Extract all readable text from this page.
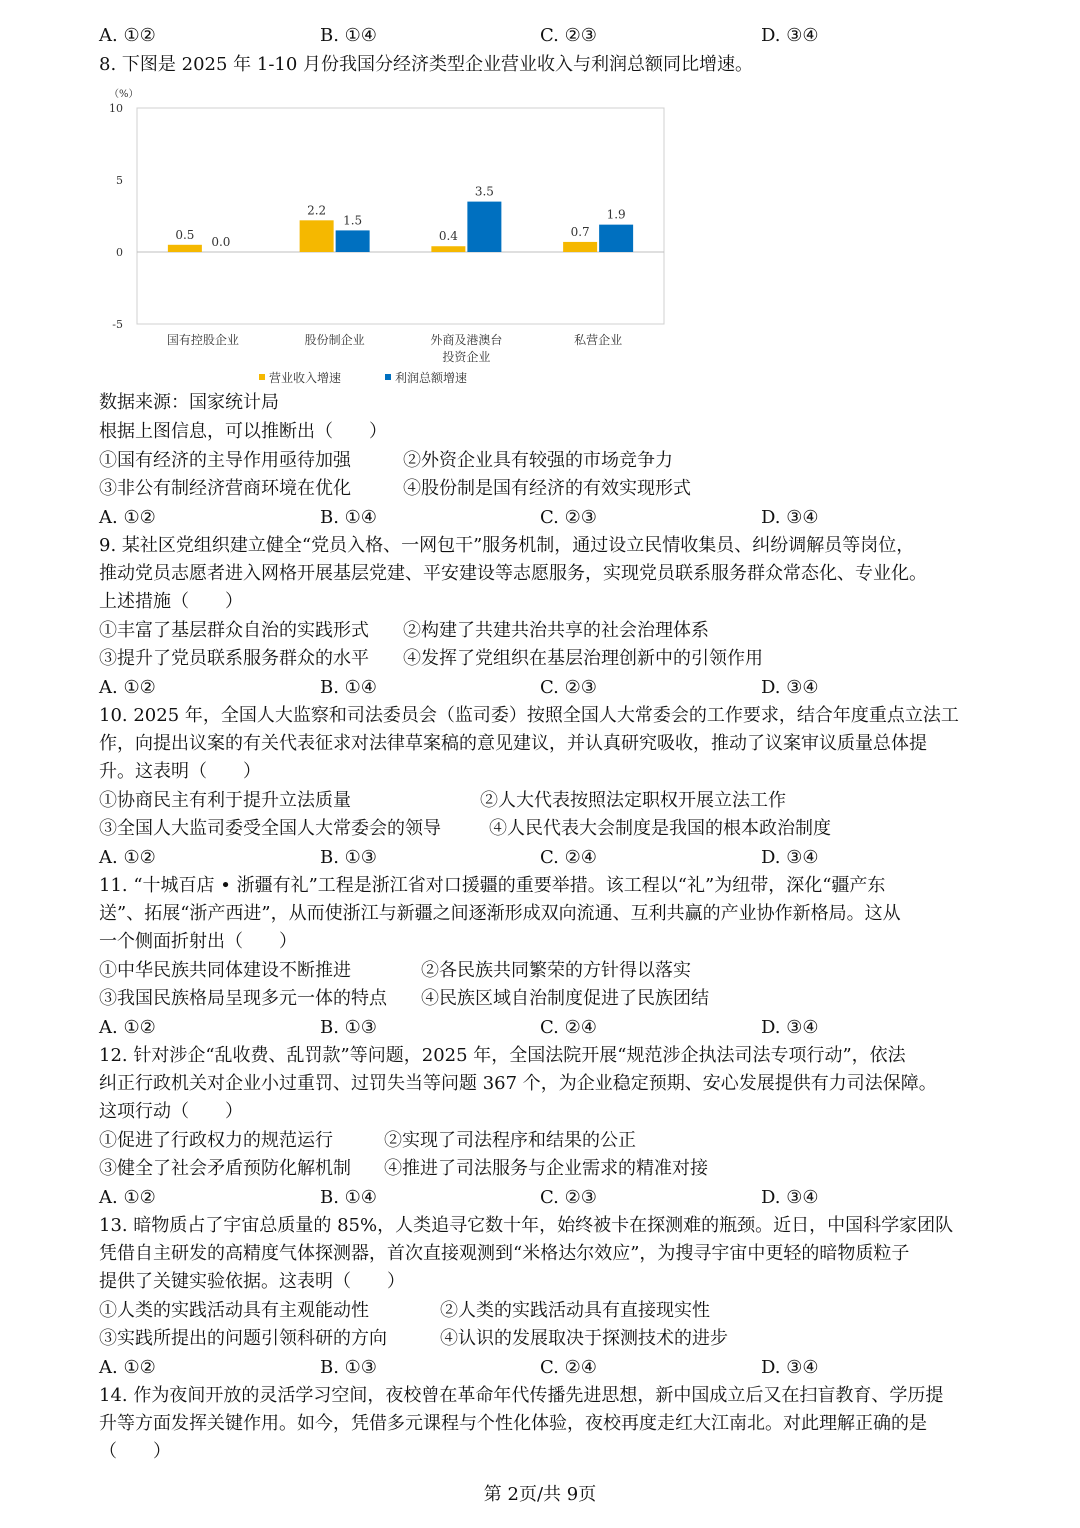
A. ①②	B. ①④	C. ②③	D. ③④
8. 下图是 2025 年 1-10 月份我国分经济类型企业营业收入与利润总额同比增速。
（%）
10
5
0
-5
0.5
0.0
国有控股企业
2.2
1.5
股份制企业
0.4
3.5
外商及港澳台
投资企业
0.7
1.9
私营企业
营业收入增速	利润总额增速
数据来源：国家统计局
根据上图信息，可以推断出（　　）
①国有经济的主导作用亟待加强	②外资企业具有较强的市场竞争力
③非公有制经济营商环境在优化	④股份制是国有经济的有效实现形式
A. ①②	B. ①④	C. ②③	D. ③④
9. 某社区党组织建立健全“党员入格、一网包干”服务机制，通过设立民情收集员、纠纷调解员等岗位，
推动党员志愿者进入网格开展基层党建、平安建设等志愿服务，实现党员联系服务群众常态化、专业化。
上述措施（　　）
①丰富了基层群众自治的实践形式 ②构建了共建共治共享的社会治理体系
③提升了党员联系服务群众的水平 ④发挥了党组织在基层治理创新中的引领作用
A. ①②	B. ①④	C. ②③	D. ③④
10. 2025 年，全国人大监察和司法委员会（监司委）按照全国人大常委会的工作要求，结合年度重点立法工
作，向提出议案的有关代表征求对法律草案稿的意见建议，并认真研究吸收，推动了议案审议质量总体提
升。这表明（　　）
①协商民主有利于提升立法质量	②人大代表按照法定职权开展立法工作
③全国人大监司委受全国人大常委会的领导	④人民代表大会制度是我国的根本政治制度
A. ①②	B. ①③	C. ②④	D. ③④
11. “十城百店 • 浙疆有礼”工程是浙江省对口援疆的重要举措。该工程以“礼”为纽带，深化“疆产东
送”、拓展“浙产西进”，从而使浙江与新疆之间逐渐形成双向流通、互利共赢的产业协作新格局。这从
一个侧面折射出（　　）
①中华民族共同体建设不断推进	②各民族共同繁荣的方针得以落实
③我国民族格局呈现多元一体的特点 ④民族区域自治制度促进了民族团结
A. ①②	B. ①③	C. ②④	D. ③④
12. 针对涉企“乱收费、乱罚款”等问题，2025 年，全国法院开展“规范涉企执法司法专项行动”，依法
纠正行政机关对企业小过重罚、过罚失当等问题 367 个，为企业稳定预期、安心发展提供有力司法保障。
这项行动（　　）
①促进了行政权力的规范运行	②实现了司法程序和结果的公正
③健全了社会矛盾预防化解机制 ④推进了司法服务与企业需求的精准对接
A. ①②	B. ①④	C. ②③	D. ③④
13. 暗物质占了宇宙总质量的 85%，人类追寻它数十年，始终被卡在探测难的瓶颈。近日，中国科学家团队
凭借自主研发的高精度气体探测器，首次直接观测到“米格达尔效应”，为搜寻宇宙中更轻的暗物质粒子
提供了关键实验依据。这表明（　　）
①人类的实践活动具有主观能动性	②人类的实践活动具有直接现实性
③实践所提出的问题引领科研的方向	④认识的发展取决于探测技术的进步
A. ①②	B. ①③	C. ②④	D. ③④
14. 作为夜间开放的灵活学习空间，夜校曾在革命年代传播先进思想，新中国成立后又在扫盲教育、学历提
升等方面发挥关键作用。如今，凭借多元课程与个性化体验，夜校再度走红大江南北。对此理解正确的是
（　　）
第 2页/共 9页
